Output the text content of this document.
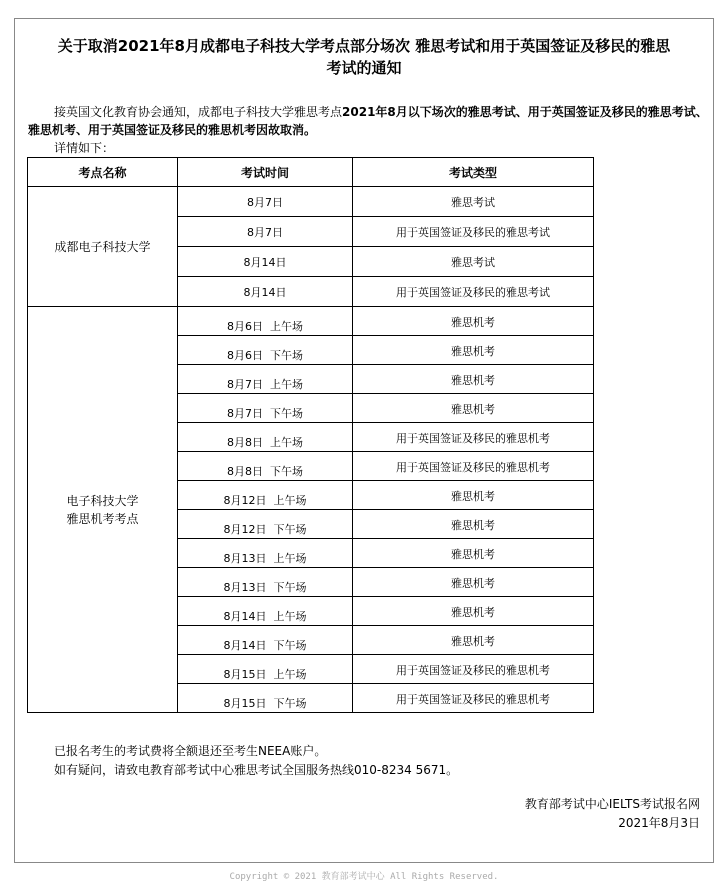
关于取消2021年8月成都电子科技大学考点部分场次 雅思考试和用于英国签证及移民的雅思
考试的通知
接英国文化教育协会通知，成都电子科技大学雅思考点2021年8月以下场次的雅思考试、用于英国签证及移民的雅思考试、雅思机考、用于英国签证及移民的雅思机考因故取消。
详情如下：
考点名称	考试时间	考试类型

成都电子科技大学	8月7日	雅思考试
	8月7日	用于英国签证及移民的雅思考试
	8月14日	雅思考试
	8月14日	用于英国签证及移民的雅思考试

电子科技大学
雅思机考考点	8月6日  上午场	雅思机考
	8月6日  下午场	雅思机考
	8月7日  上午场	雅思机考
	8月7日  下午场	雅思机考
	8月8日  上午场	用于英国签证及移民的雅思机考
	8月8日  下午场	用于英国签证及移民的雅思机考
	8月12日  上午场	雅思机考
	8月12日  下午场	雅思机考
	8月13日  上午场	雅思机考
	8月13日  下午场	雅思机考
	8月14日  上午场	雅思机考
	8月14日  下午场	雅思机考
	8月15日  上午场	用于英国签证及移民的雅思机考
	8月15日  下午场	用于英国签证及移民的雅思机考
已报名考生的考试费将全额退还至考生NEEA账户。
如有疑问，请致电教育部考试中心雅思考试全国服务热线010-8234 5671。
教育部考试中心IELTS考试报名网
2021年8月3日
Copyright © 2021 教育部考试中心 All Rights Reserved.
